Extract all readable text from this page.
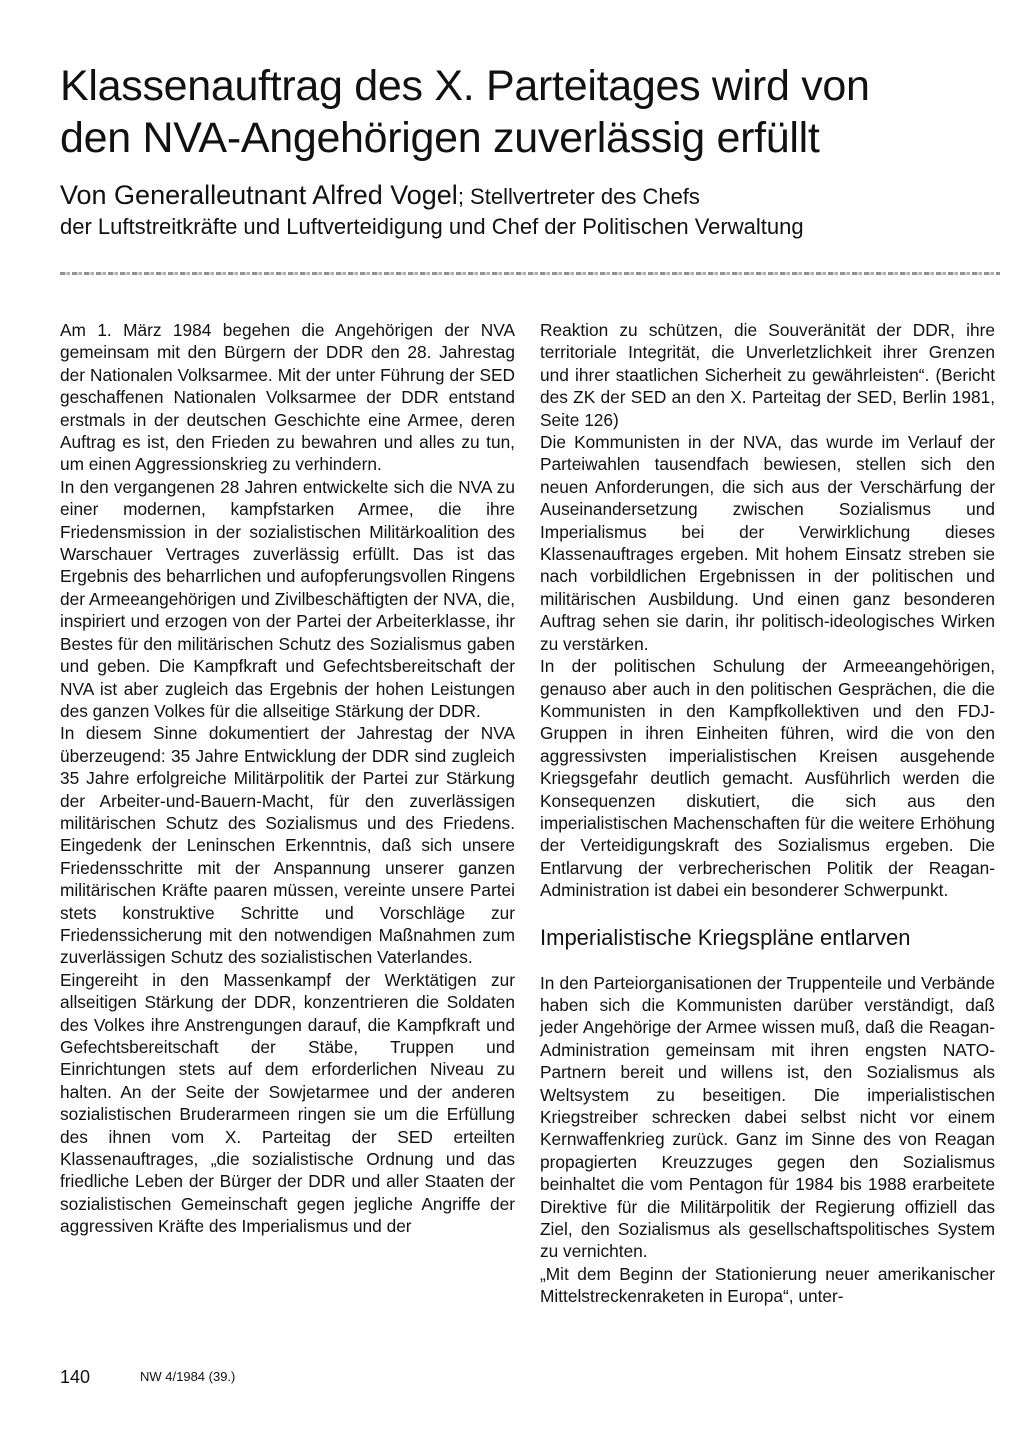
Klassenauftrag des X. Parteitages wird von
den NVA-Angehörigen zuverlässig erfüllt
Von Generalleutnant Alfred Vogel; Stellvertreter des Chefs
der Luftstreitkräfte und Luftverteidigung und Chef der Politischen Verwaltung

Am 1. März 1984 begehen die Angehörigen der NVA gemeinsam mit den Bürgern der DDR den 28. Jahrestag der Nationalen Volksarmee. Mit der unter Führung der SED geschaffenen Nationalen Volksarmee der DDR entstand erstmals in der deutschen Geschichte eine Armee, deren Auftrag es ist, den Frieden zu bewahren und alles zu tun, um einen Aggressionskrieg zu verhindern.

In den vergangenen 28 Jahren entwickelte sich die NVA zu einer modernen, kampfstarken Armee, die ihre Friedensmission in der sozialistischen Militärkoalition des Warschauer Vertrages zuverlässig erfüllt. Das ist das Ergebnis des beharrlichen und aufopferungsvollen Ringens der Armeeangehörigen und Zivilbeschäftigten der NVA, die, inspiriert und erzogen von der Partei der Arbeiterklasse, ihr Bestes für den militärischen Schutz des Sozialismus gaben und geben. Die Kampfkraft und Gefechtsbereitschaft der NVA ist aber zugleich das Ergebnis der hohen Leistungen des ganzen Volkes für die allseitige Stärkung der DDR.

In diesem Sinne dokumentiert der Jahrestag der NVA überzeugend: 35 Jahre Entwicklung der DDR sind zugleich 35 Jahre erfolgreiche Militärpolitik der Partei zur Stärkung der Arbeiter-und-Bauern-Macht, für den zuverlässigen militärischen Schutz des Sozialismus und des Friedens. Eingedenk der Leninschen Erkenntnis, daß sich unsere Friedensschritte mit der Anspannung unserer ganzen militärischen Kräfte paaren müssen, vereinte unsere Partei stets konstruktive Schritte und Vorschläge zur Friedenssicherung mit den notwendigen Maßnahmen zum zuverlässigen Schutz des sozialistischen Vaterlandes.

Eingereiht in den Massenkampf der Werktätigen zur allseitigen Stärkung der DDR, konzentrieren die Soldaten des Volkes ihre Anstrengungen darauf, die Kampfkraft und Gefechtsbereitschaft der Stäbe, Truppen und Einrichtungen stets auf dem erforderlichen Niveau zu halten. An der Seite der Sowjetarmee und der anderen sozialistischen Bruderarmeen ringen sie um die Erfüllung des ihnen vom X. Parteitag der SED erteilten Klassenauftrages, „die sozialistische Ordnung und das friedliche Leben der Bürger der DDR und aller Staaten der sozialistischen Gemeinschaft gegen jegliche Angriffe der aggressiven Kräfte des Imperialismus und der

Reaktion zu schützen, die Souveränität der DDR, ihre territoriale Integrität, die Unverletzlichkeit ihrer Grenzen und ihrer staatlichen Sicherheit zu gewährleisten“. (Bericht des ZK der SED an den X. Parteitag der SED, Berlin 1981, Seite 126)

Die Kommunisten in der NVA, das wurde im Verlauf der Parteiwahlen tausendfach bewiesen, stellen sich den neuen Anforderungen, die sich aus der Verschärfung der Auseinandersetzung zwischen Sozialismus und Imperialismus bei der Verwirklichung dieses Klassenauftrages ergeben. Mit hohem Einsatz streben sie nach vorbildlichen Ergebnissen in der politischen und militärischen Ausbildung. Und einen ganz besonderen Auftrag sehen sie darin, ihr politisch-ideologisches Wirken zu verstärken.

In der politischen Schulung der Armeeangehörigen, genauso aber auch in den politischen Gesprächen, die die Kommunisten in den Kampfkollektiven und den FDJ-Gruppen in ihren Einheiten führen, wird die von den aggressivsten imperialistischen Kreisen ausgehende Kriegsgefahr deutlich gemacht. Ausführlich werden die Konsequenzen diskutiert, die sich aus den imperialistischen Machenschaften für die weitere Erhöhung der Verteidigungskraft des Sozialismus ergeben. Die Entlarvung der verbrecherischen Politik der Reagan-Administration ist dabei ein besonderer Schwerpunkt.

Imperialistische Kriegspläne entlarven

In den Parteiorganisationen der Truppenteile und Verbände haben sich die Kommunisten darüber verständigt, daß jeder Angehörige der Armee wissen muß, daß die Reagan-Administration gemeinsam mit ihren engsten NATO-Partnern bereit und willens ist, den Sozialismus als Weltsystem zu beseitigen. Die imperialistischen Kriegstreiber schrecken dabei selbst nicht vor einem Kernwaffenkrieg zurück. Ganz im Sinne des von Reagan propagierten Kreuzzuges gegen den Sozialismus beinhaltet die vom Pentagon für 1984 bis 1988 erarbeitete Direktive für die Militärpolitik der Regierung offiziell das Ziel, den Sozialismus als gesellschaftspolitisches System zu vernichten.

„Mit dem Beginn der Stationierung neuer amerikanischer Mittelstreckenraketen in Europa“, unter-

140	NW 4/1984 (39.)
